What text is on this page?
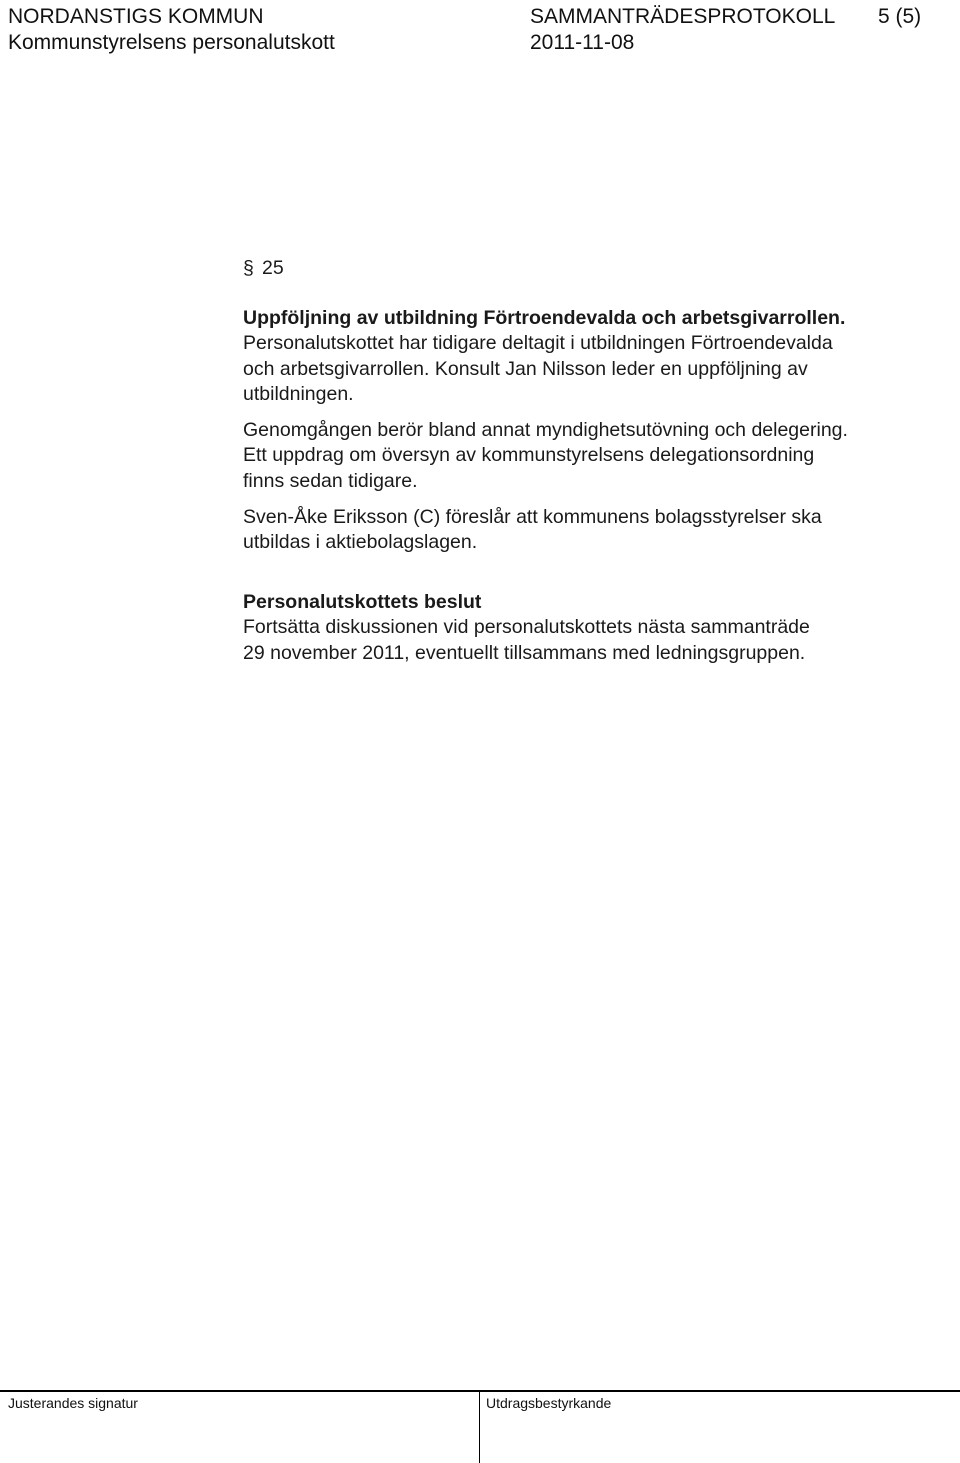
NORDANSTIGS KOMMUN
Kommunstyrelsens personalutskott
SAMMANTRÄDESPROTOKOLL 5 (5)
2011-11-08
§ 25
Uppföljning av utbildning Förtroendevalda och arbetsgivarrollen.
Personalutskottet har tidigare deltagit i utbildningen Förtroendevalda
och arbetsgivarrollen. Konsult Jan Nilsson leder en uppföljning av
utbildningen.
Genomgången berör bland annat myndighetsutövning och delegering.
Ett uppdrag om översyn av kommunstyrelsens delegationsordning
finns sedan tidigare.
Sven-Åke Eriksson (C) föreslår att kommunens bolagsstyrelser ska
utbildas i aktiebolagslagen.
Personalutskottets beslut
Fortsätta diskussionen vid personalutskottets nästa sammanträde
29 november 2011, eventuellt tillsammans med ledningsgruppen.
Justerandes signatur	Utdragsbestyrkande
